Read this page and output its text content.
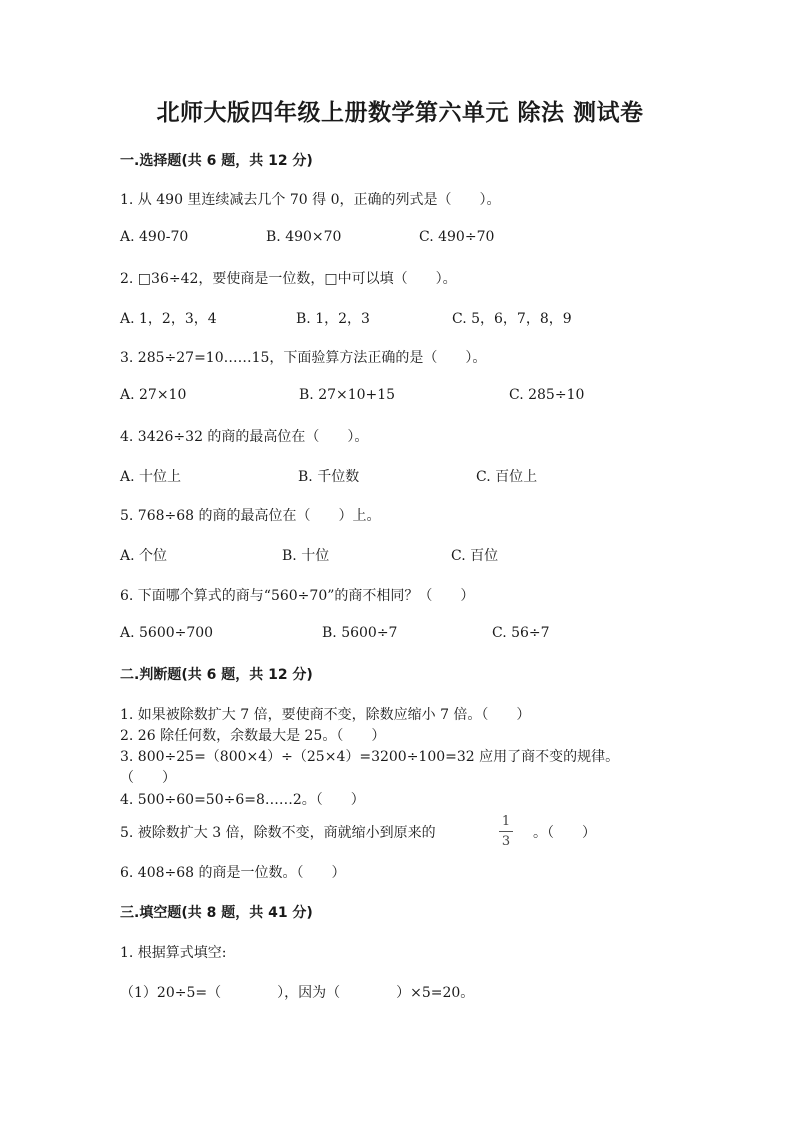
北师大版四年级上册数学第六单元 除法 测试卷
一.选择题(共 6 题，共 12 分)
1. 从 490 里连续减去几个 70 得 0，正确的列式是（　　）。
A. 490-70	B. 490×70	C. 490÷70
2. □36÷42，要使商是一位数，□中可以填（　　）。
A. 1，2，3，4	B. 1，2，3	C. 5，6，7，8，9
3. 285÷27=10……15，下面验算方法正确的是（　　）。
A. 27×10	B. 27×10+15	C. 285÷10
4. 3426÷32 的商的最高位在（　　）。
A. 十位上	B. 千位数	C. 百位上
5. 768÷68 的商的最高位在（　　）上。
A. 个位	B. 十位	C. 百位
6. 下面哪个算式的商与“560÷70”的商不相同？（　　）
A. 5600÷700	B. 5600÷7	C. 56÷7
二.判断题(共 6 题，共 12 分)
1. 如果被除数扩大 7 倍，要使商不变，除数应缩小 7 倍。（　　）
2. 26 除任何数，余数最大是 25。（　　）
3. 800÷25=（800×4）÷（25×4）=3200÷100=32 应用了商不变的规律。
（　　）
4. 500÷60=50÷6=8……2。（　　）
5. 被除数扩大 3 倍，除数不变，商就缩小到原来的
1
3
。（　　）
6. 408÷68 的商是一位数。（　　）
三.填空题(共 8 题，共 41 分)
1. 根据算式填空:
（1）20÷5=（　　　　），因为（　　　　）×5=20。
